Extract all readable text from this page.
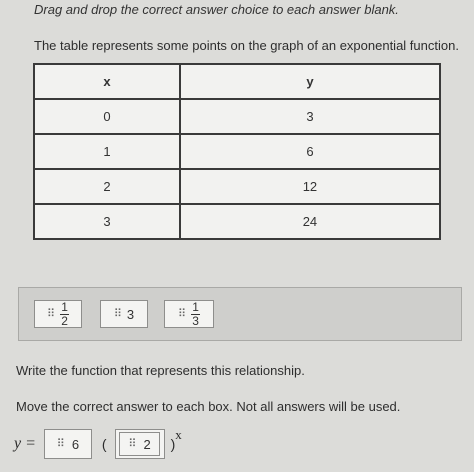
Drag and drop the correct answer choice to each answer blank.
The table represents some points on the graph of an exponential function.
x	y
0	3
1	6
2	12
3	24
⠿ $\frac{1}{2}$	⠿ 3	⠿ $\frac{1}{3}$
Write the function that represents this relationship.
Move the correct answer to each box. Not all answers will be used.
y = ⠿ 6 ( ⠿ 2 )
x
